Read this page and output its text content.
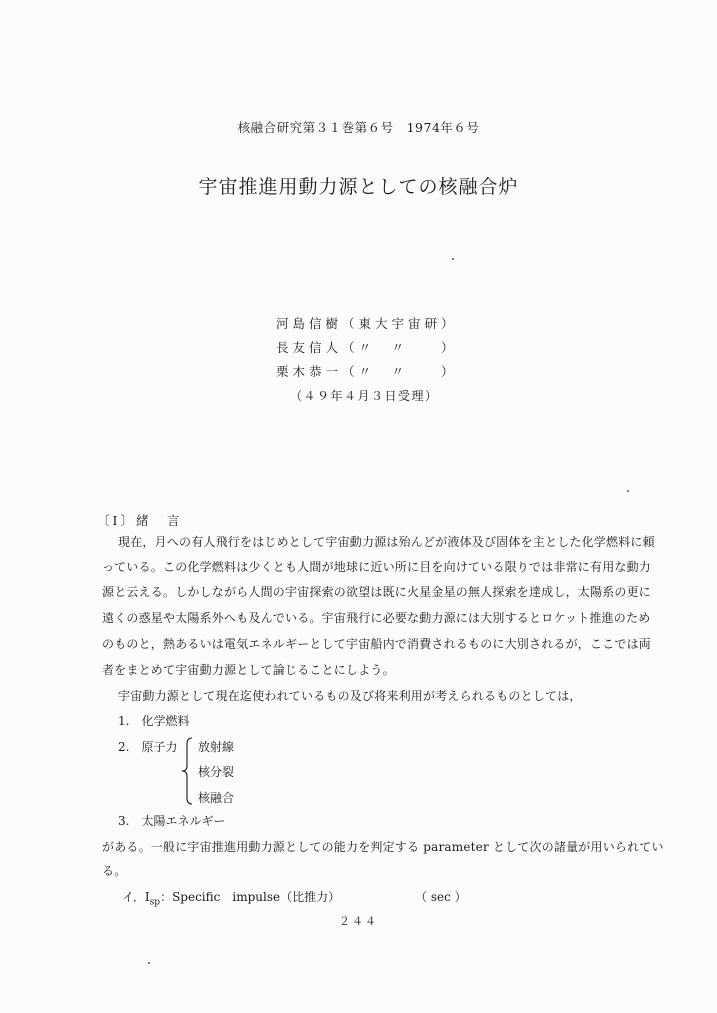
核融合研究第３１巻第６号　1974年６号
宇宙推進用動力源としての核融合炉
河島信樹（東大宇宙研）
長友信人（〃　〃　　）
栗木恭一（〃　〃　　）
（４９年４月３日受理）
〔Ⅰ〕緒　言
現在，月への有人飛行をはじめとして宇宙動力源は殆んどが液体及び固体を主とした化学燃料に頼
っている。この化学燃料は少くとも人間が地球に近い所に目を向けている限りでは非常に有用な動力
源と云える。しかしながら人間の宇宙探索の欲望は既に火星金星の無人探索を達成し，太陽系の更に
遠くの惑星や太陽系外へも及んでいる。宇宙飛行に必要な動力源には大別するとロケット推進のため
のものと，熱あるいは電気エネルギーとして宇宙船内で消費されるものに大別されるが，ここでは両
者をまとめて宇宙動力源として論じることにしよう。
宇宙動力源として現在迄使われているもの及び将来利用が考えられるものとしては，
1.　化学燃料
2.　原子力 放射線
核分裂
核融合
3.　太陽エネルギー
がある。一般に宇宙推進用動力源としての能力を判定する parameter として次の諸量が用いられてい
る。
イ．$I_{sp}$：Specific　impulse（比推力）	（ sec ）
２４４
